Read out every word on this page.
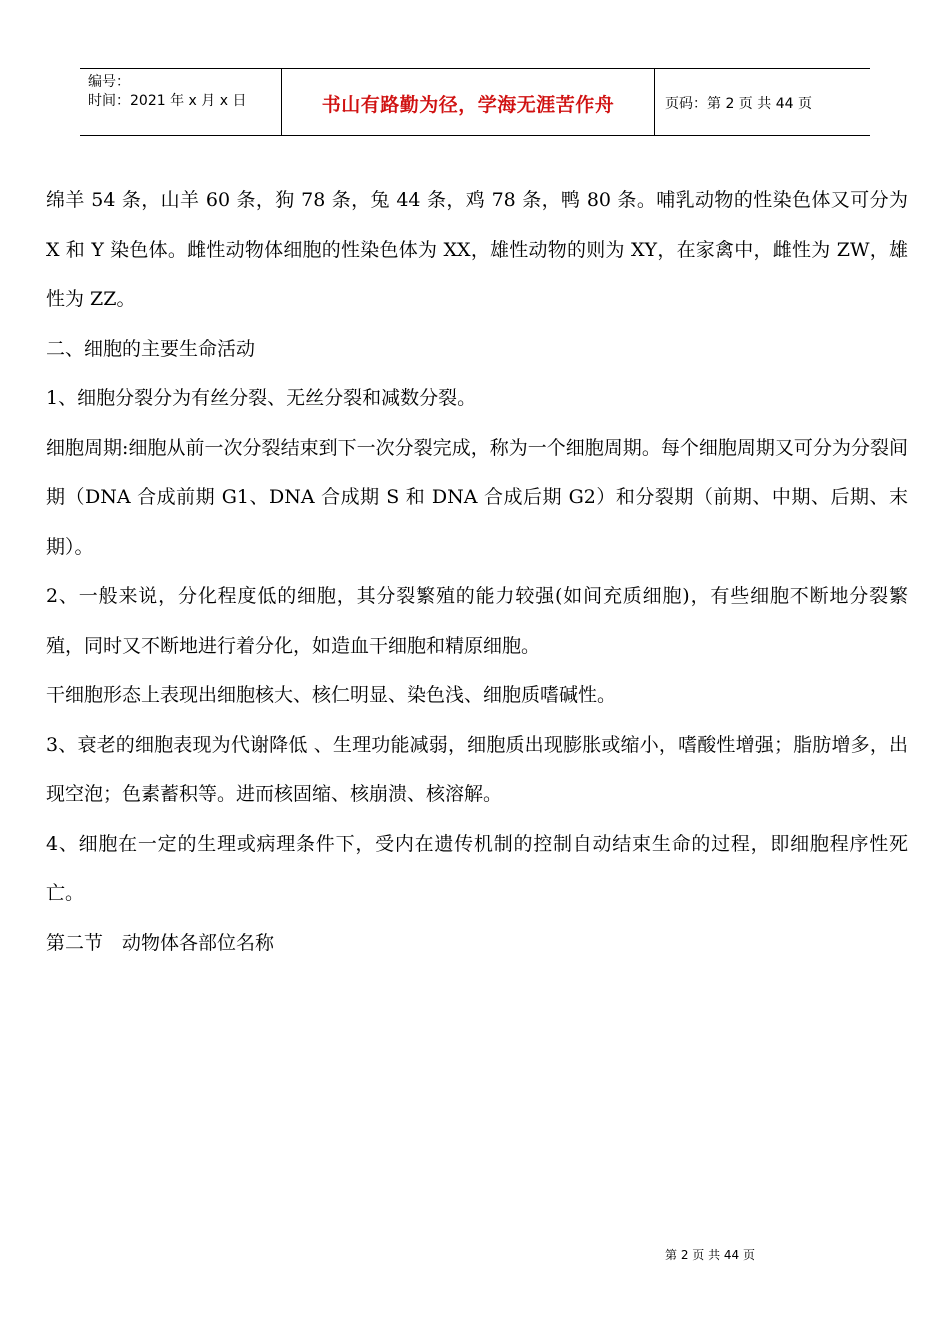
编号：
时间：2021 年 x 月 x 日	书山有路勤为径，学海无涯苦作舟	页码：第 2 页 共 44 页

绵羊 54 条，山羊 60 条，狗 78 条，兔 44 条，鸡 78 条，鸭 80 条。哺乳动物的性染色体又可分为 X 和 Y 染色体。雌性动物体细胞的性染色体为 XX，雄性动物的则为 XY，在家禽中，雌性为 ZW，雄性为 ZZ。

二、细胞的主要生命活动

1、细胞分裂分为有丝分裂、无丝分裂和减数分裂。

细胞周期:细胞从前一次分裂结束到下一次分裂完成，称为一个细胞周期。每个细胞周期又可分为分裂间期（DNA 合成前期 G1、DNA 合成期 S 和 DNA 合成后期 G2）和分裂期（前期、中期、后期、末期）。

2、一般来说，分化程度低的细胞，其分裂繁殖的能力较强(如间充质细胞)，有些细胞不断地分裂繁殖，同时又不断地进行着分化，如造血干细胞和精原细胞。

干细胞形态上表现出细胞核大、核仁明显、染色浅、细胞质嗜碱性。

3、衰老的细胞表现为代谢降低 、生理功能减弱，细胞质出现膨胀或缩小，嗜酸性增强；脂肪增多，出现空泡；色素蓄积等。进而核固缩、核崩溃、核溶解。

4、细胞在一定的生理或病理条件下，受内在遗传机制的控制自动结束生命的过程，即细胞程序性死亡。

第二节　动物体各部位名称

第 2 页 共 44 页
